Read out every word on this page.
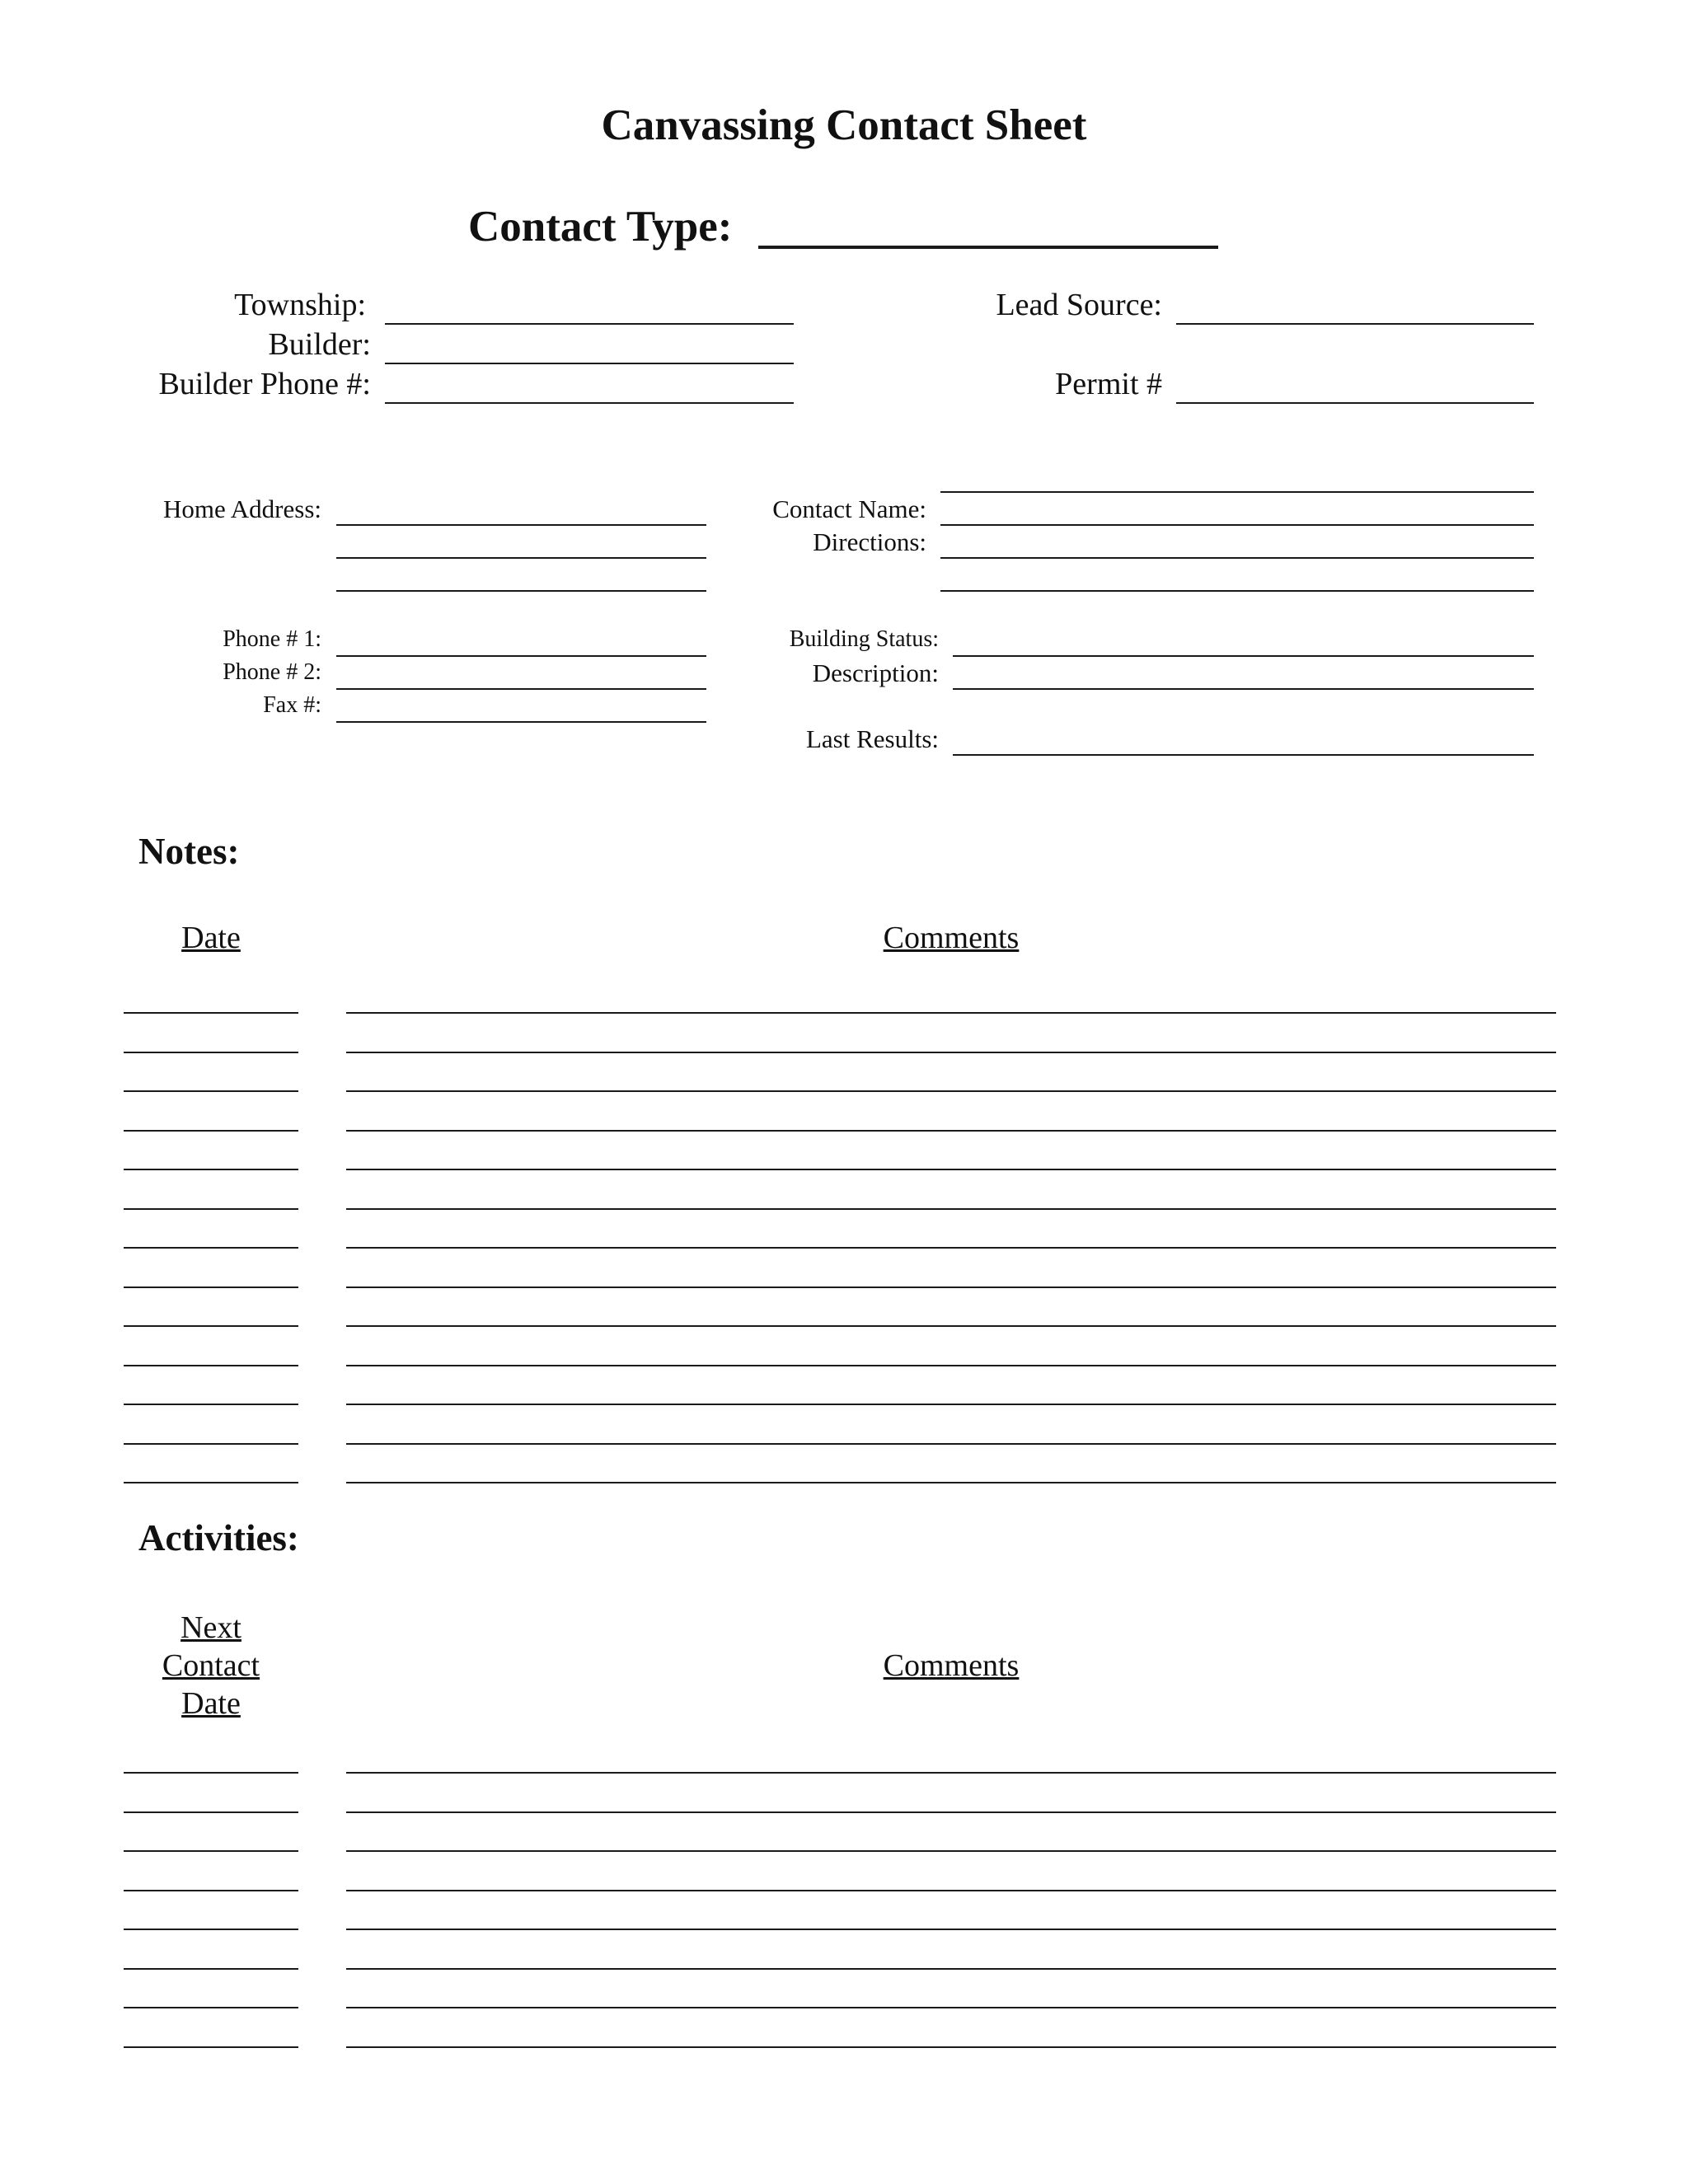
Canvassing Contact Sheet
Contact Type:
Township:
Builder:
Builder Phone #:
Lead Source:
Permit #
Home Address:
Phone # 1:
Phone # 2:
Fax #:
Contact Name:
Directions:
Building Status:
Description:
Last Results:
Notes:
Date	Comments
Activities:
Next
Contact
Date
Comments
